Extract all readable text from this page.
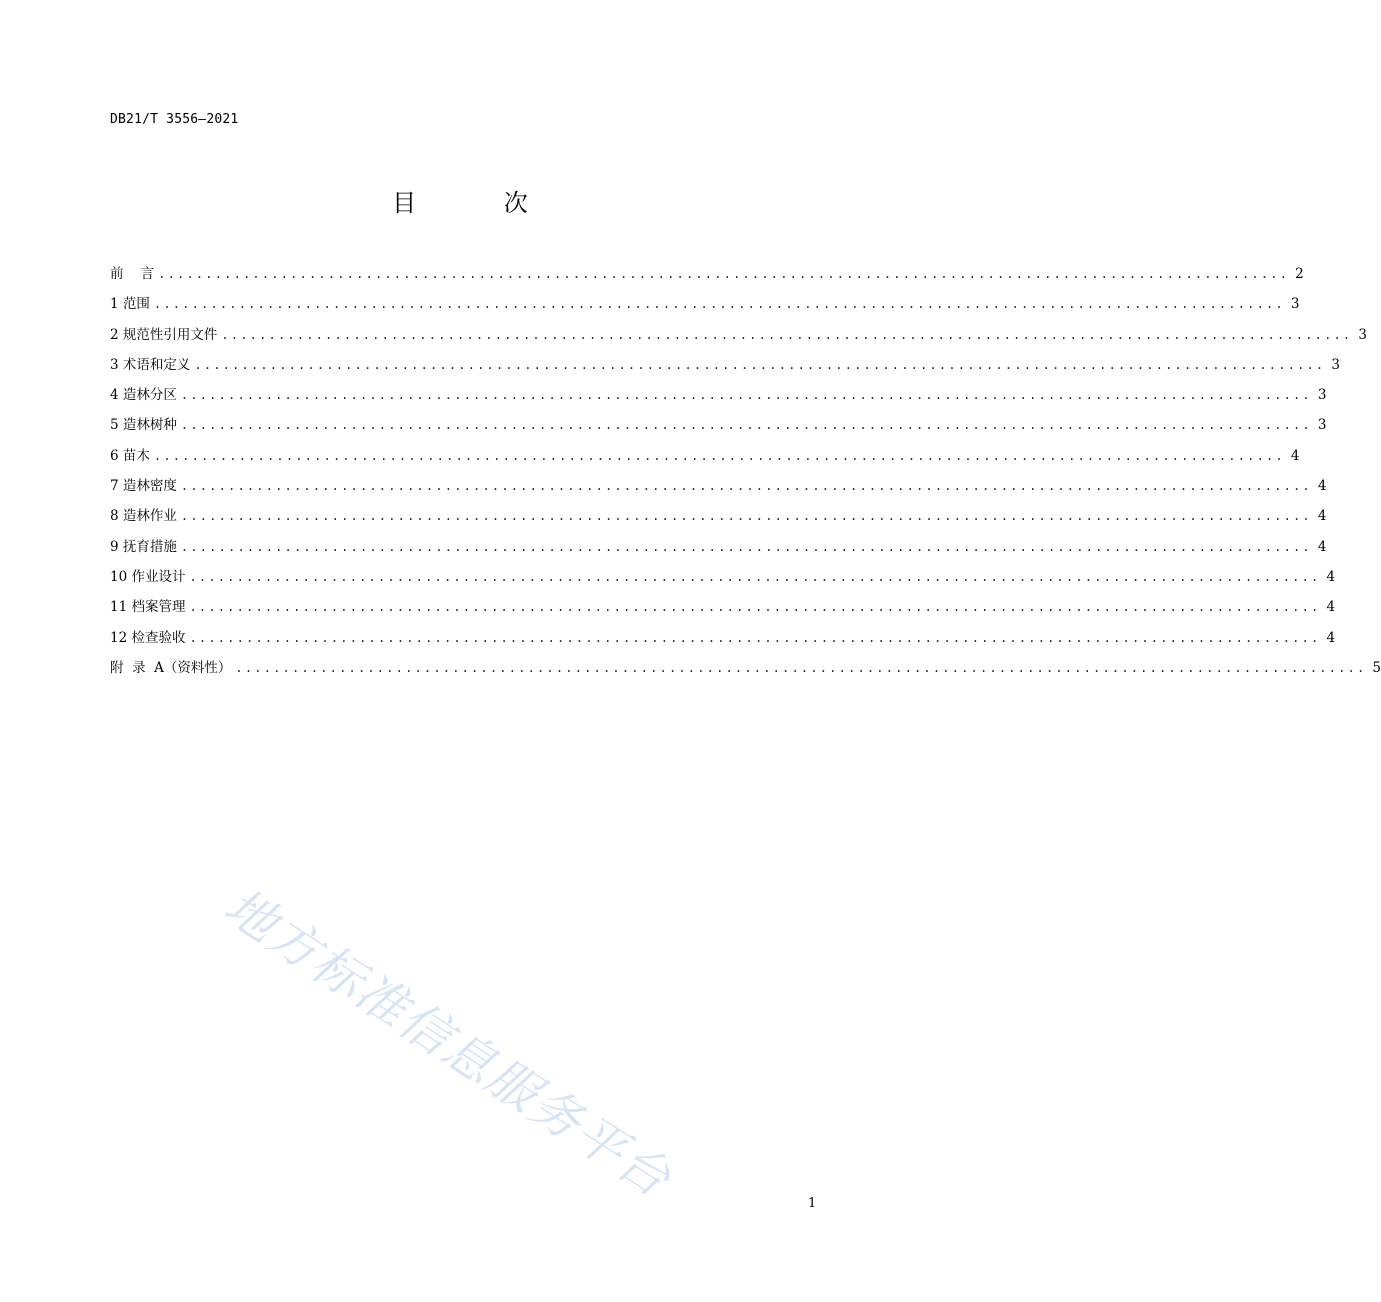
DB21/T 3556—2021
目 次
前    言 ........................................................................................................................ 2
1 范围 ........................................................................................................................ 3
2 规范性引用文件 ........................................................................................................................ 3
3 术语和定义 ........................................................................................................................ 3
4 造林分区 ........................................................................................................................ 3
5 造林树种 ........................................................................................................................ 3
6 苗木 ........................................................................................................................ 4
7 造林密度 ........................................................................................................................ 4
8 造林作业 ........................................................................................................................ 4
9 抚育措施 ........................................................................................................................ 4
10 作业设计 ........................................................................................................................ 4
11 档案管理 ........................................................................................................................ 4
12 检查验收 ........................................................................................................................ 4
附  录  A（资料性） ........................................................................................................................ 5
地方标准信息服务平台	1
